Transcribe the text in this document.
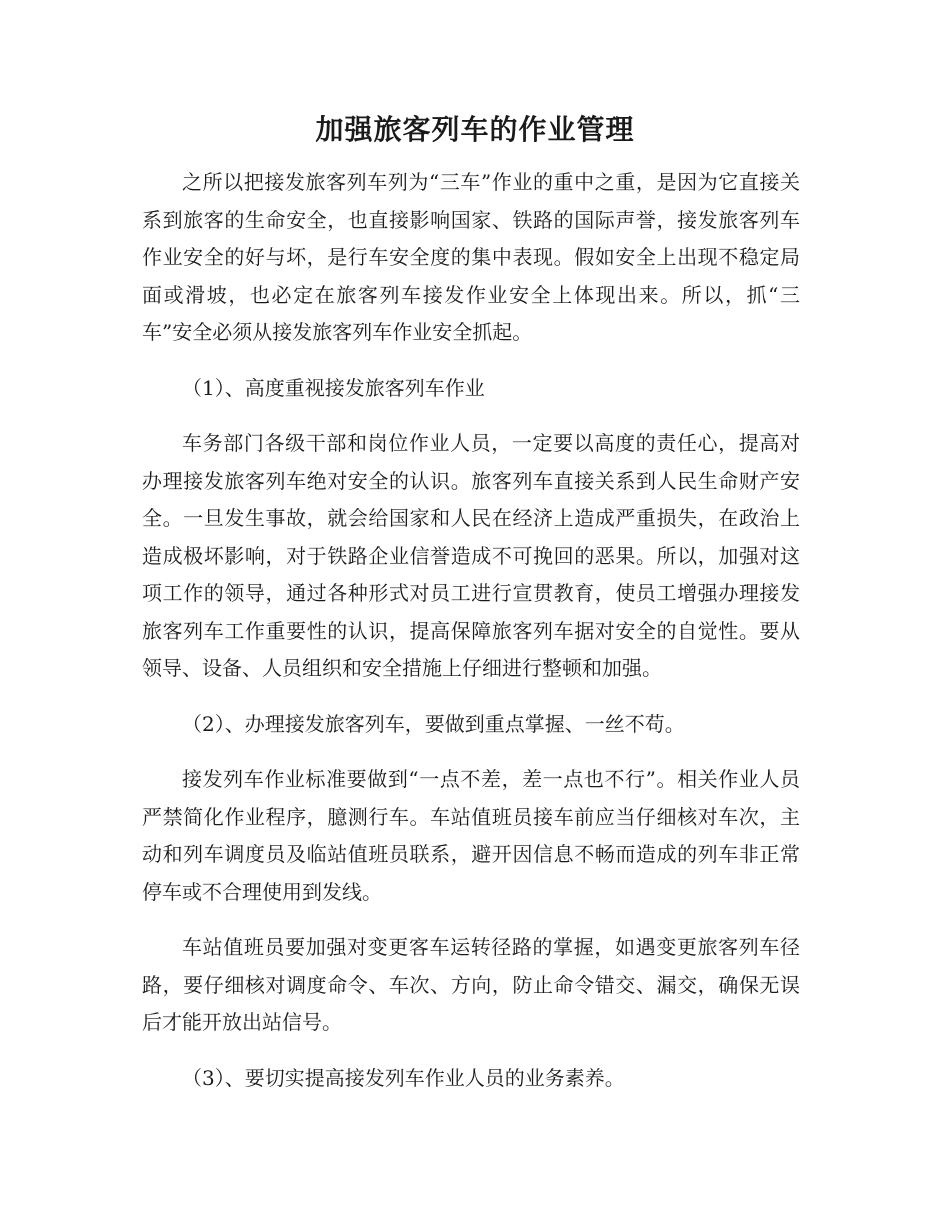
加强旅客列车的作业管理

之所以把接发旅客列车列为“三车”作业的重中之重，是因为它直接关系到旅客的生命安全，也直接影响国家、铁路的国际声誉，接发旅客列车作业安全的好与坏，是行车安全度的集中表现。假如安全上出现不稳定局面或滑坡，也必定在旅客列车接发作业安全上体现出来。所以，抓“三车”安全必须从接发旅客列车作业安全抓起。

（1）、高度重视接发旅客列车作业

车务部门各级干部和岗位作业人员，一定要以高度的责任心，提高对办理接发旅客列车绝对安全的认识。旅客列车直接关系到人民生命财产安全。一旦发生事故，就会给国家和人民在经济上造成严重损失，在政治上造成极坏影响，对于铁路企业信誉造成不可挽回的恶果。所以，加强对这项工作的领导，通过各种形式对员工进行宣贯教育，使员工增强办理接发旅客列车工作重要性的认识，提高保障旅客列车据对安全的自觉性。要从领导、设备、人员组织和安全措施上仔细进行整顿和加强。

（2）、办理接发旅客列车，要做到重点掌握、一丝不苟。

接发列车作业标准要做到“一点不差，差一点也不行”。相关作业人员严禁简化作业程序，臆测行车。车站值班员接车前应当仔细核对车次，主动和列车调度员及临站值班员联系，避开因信息不畅而造成的列车非正常停车或不合理使用到发线。

车站值班员要加强对变更客车运转径路的掌握，如遇变更旅客列车径路，要仔细核对调度命令、车次、方向，防止命令错交、漏交，确保无误后才能开放出站信号。

（3）、要切实提高接发列车作业人员的业务素养。
